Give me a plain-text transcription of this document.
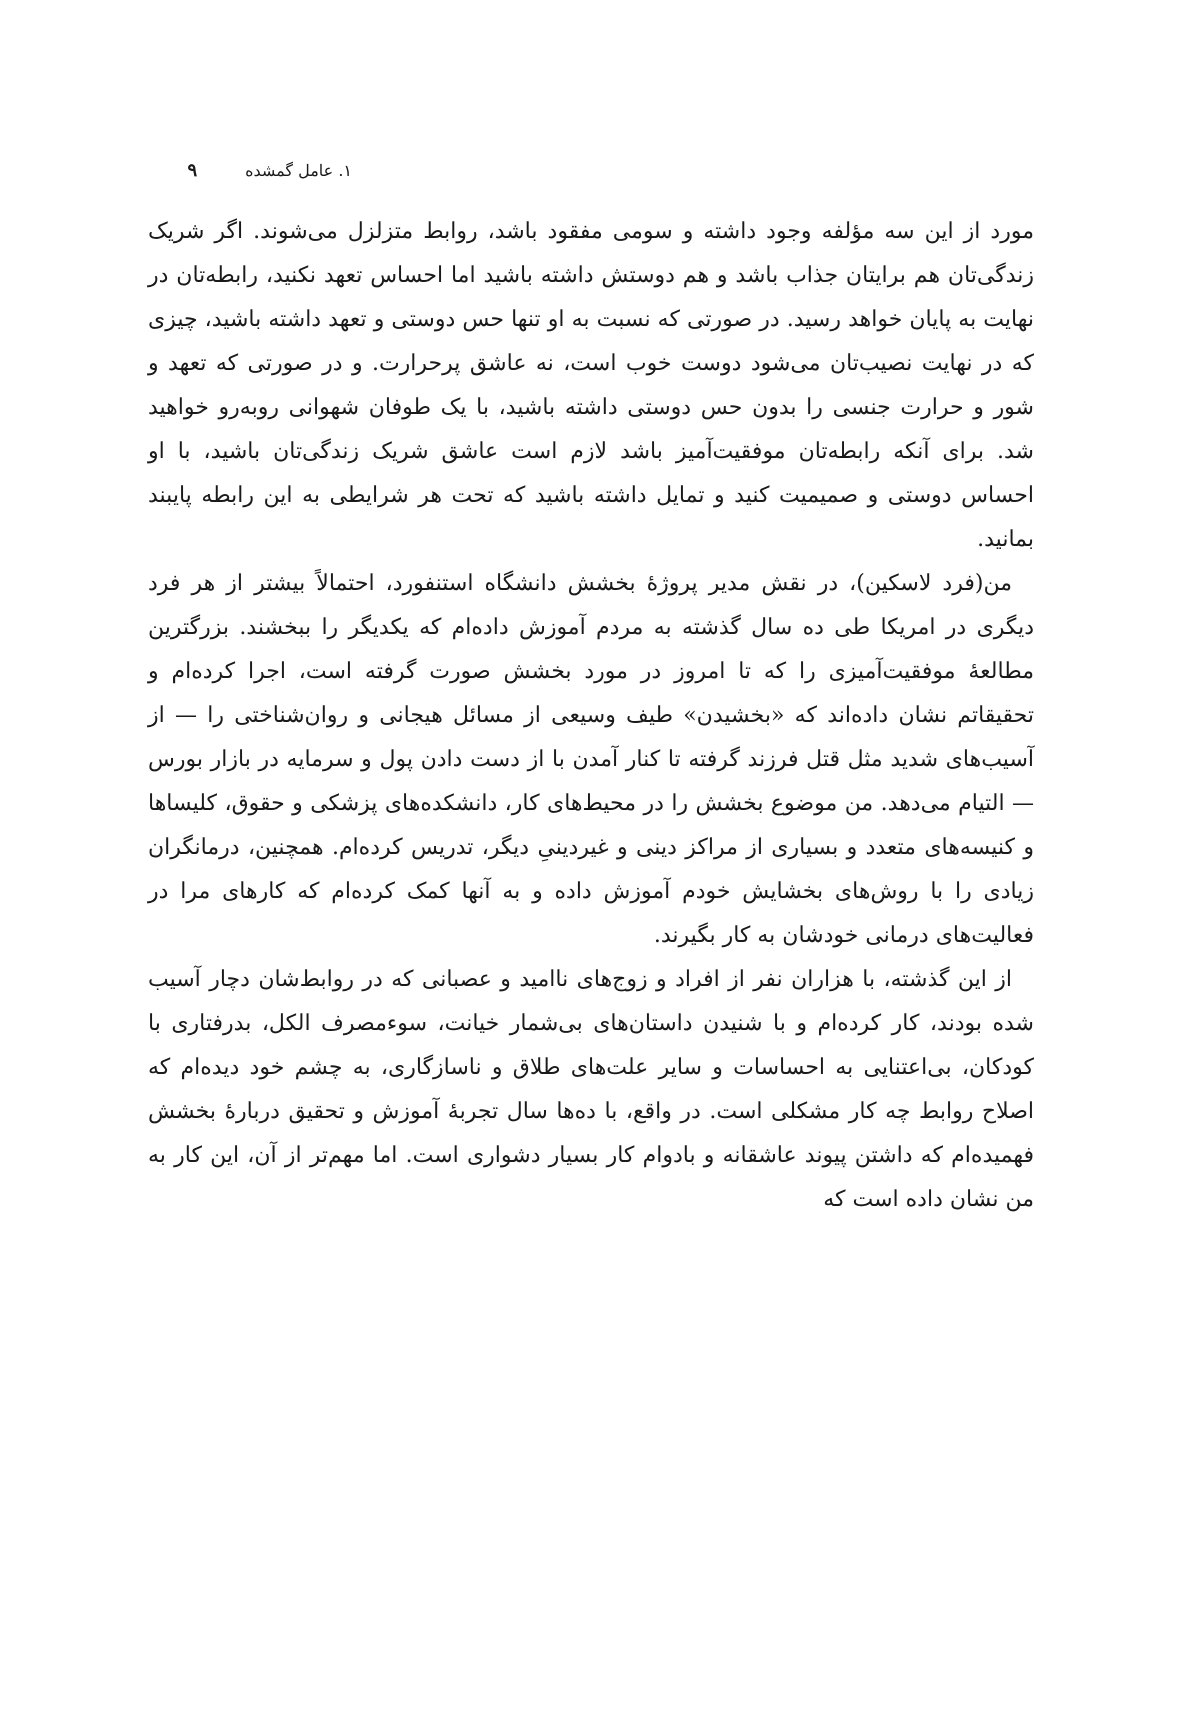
۱. عامل گمشده
۹

مورد از این سه مؤلفه وجود داشته و سومی مفقود باشد، روابط متزلزل می‌شوند. اگر شریک زندگی‌تان هم برایتان جذاب باشد و هم دوستش داشته باشید اما احساس تعهد نکنید، رابطه‌تان در نهایت به پایان خواهد رسید. در صورتی که نسبت به او تنها حس دوستی و تعهد داشته باشید، چیزی که در نهایت نصیب‌تان می‌شود دوست خوب است، نه عاشق پرحرارت. و در صورتی که تعهد و شور و حرارت جنسی را بدون حس دوستی داشته باشید، با یک طوفان شهوانی روبه‌رو خواهید شد. برای آنکه رابطه‌تان موفقیت‌آمیز باشد لازم است عاشق شریک زندگی‌تان باشید، با او احساس دوستی و صمیمیت کنید و تمایل داشته باشید که تحت هر شرایطی به این رابطه پایبند بمانید.

من(فرد لاسکین)، در نقش مدیر پروژهٔ بخشش دانشگاه استنفورد، احتمالاً بیشتر از هر فرد دیگری در امریکا طی ده سال گذشته به مردم آموزش داده‌ام که یکدیگر را ببخشند. بزرگترین مطالعهٔ موفقیت‌آمیزی را که تا امروز در مورد بخشش صورت گرفته است، اجرا کرده‌ام و تحقیقاتم نشان داده‌اند که «بخشیدن» طیف وسیعی از مسائل هیجانی و روان‌شناختی را — از آسیب‌های شدید مثل قتل فرزند گرفته تا کنار آمدن با از دست دادن پول و سرمایه در بازار بورس — التیام می‌دهد. من موضوع بخشش را در محیط‌های کار، دانشکده‌های پزشکی و حقوق، کلیساها و کنیسه‌های متعدد و بسیاری از مراکز دینی و غیردینیِ دیگر، تدریس کرده‌ام. همچنین، درمانگران زیادی را با روش‌های بخشایش خودم آموزش داده و به آنها کمک کرده‌ام که کارهای مرا در فعالیت‌های درمانی خودشان به کار بگیرند.

از این گذشته، با هزاران نفر از افراد و زوج‌های ناامید و عصبانی که در روابط‌شان دچار آسیب شده بودند، کار کرده‌ام و با شنیدن داستان‌های بی‌شمار خیانت، سوءمصرف الکل، بدرفتاری با کودکان، بی‌اعتنایی به احساسات و سایر علت‌های طلاق و ناسازگاری، به چشم خود دیده‌ام که اصلاح روابط چه کار مشکلی است. در واقع، با ده‌ها سال تجربهٔ آموزش و تحقیق دربارهٔ بخشش فهمیده‌ام که داشتن پیوند عاشقانه و بادوام کار بسیار دشواری است. اما مهم‌تر از آن، این کار به من نشان داده است که
